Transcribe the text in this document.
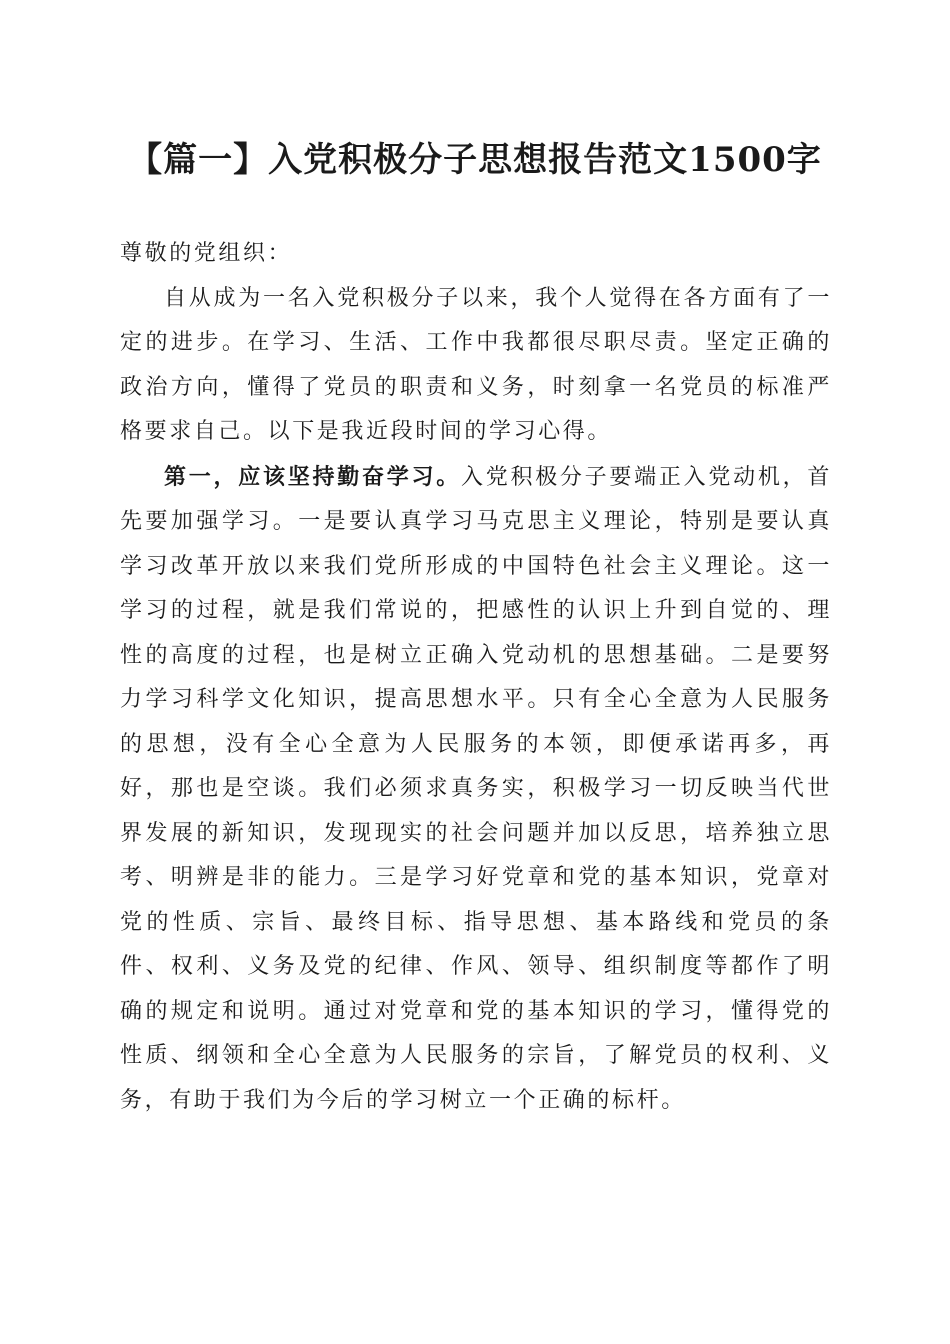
【篇一】入党积极分子思想报告范文1500字

尊敬的党组织：

自从成为一名入党积极分子以来，我个人觉得在各方面有了一定的进步。在学习、生活、工作中我都很尽职尽责。坚定正确的政治方向，懂得了党员的职责和义务，时刻拿一名党员的标准严格要求自己。以下是我近段时间的学习心得。

第一，应该坚持勤奋学习。入党积极分子要端正入党动机，首先要加强学习。一是要认真学习马克思主义理论，特别是要认真学习改革开放以来我们党所形成的中国特色社会主义理论。这一学习的过程，就是我们常说的，把感性的认识上升到自觉的、理性的高度的过程，也是树立正确入党动机的思想基础。二是要努力学习科学文化知识，提高思想水平。只有全心全意为人民服务的思想，没有全心全意为人民服务的本领，即便承诺再多，再好，那也是空谈。我们必须求真务实，积极学习一切反映当代世界发展的新知识，发现现实的社会问题并加以反思，培养独立思考、明辨是非的能力。三是学习好党章和党的基本知识，党章对党的性质、宗旨、最终目标、指导思想、基本路线和党员的条件、权利、义务及党的纪律、作风、领导、组织制度等都作了明确的规定和说明。通过对党章和党的基本知识的学习，懂得党的性质、纲领和全心全意为人民服务的宗旨，了解党员的权利、义务，有助于我们为今后的学习树立一个正确的标杆。
